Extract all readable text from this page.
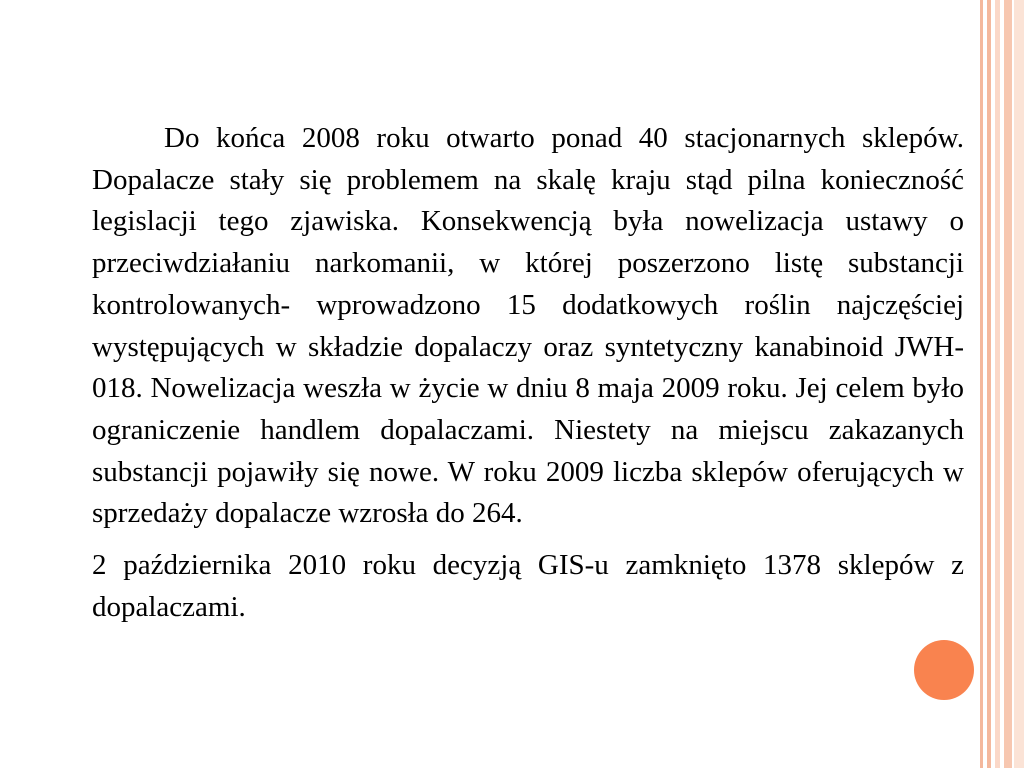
Do końca 2008 roku otwarto ponad 40 stacjonarnych sklepów. Dopalacze stały się problemem na skalę kraju stąd pilna konieczność legislacji tego zjawiska. Konsekwencją była nowelizacja ustawy o przeciwdziałaniu narkomanii, w której poszerzono listę substancji kontrolowanych- wprowadzono 15 dodatkowych roślin najczęściej występujących w składzie dopalaczy oraz syntetyczny kanabinoid JWH-018. Nowelizacja weszła w życie w dniu 8 maja 2009 roku. Jej celem było ograniczenie handlem dopalaczami. Niestety na miejscu zakazanych substancji pojawiły się nowe. W roku 2009 liczba sklepów oferujących w sprzedaży dopalacze wzrosła do 264.

2 października 2010 roku decyzją GIS-u zamknięto 1378 sklepów z dopalaczami.
